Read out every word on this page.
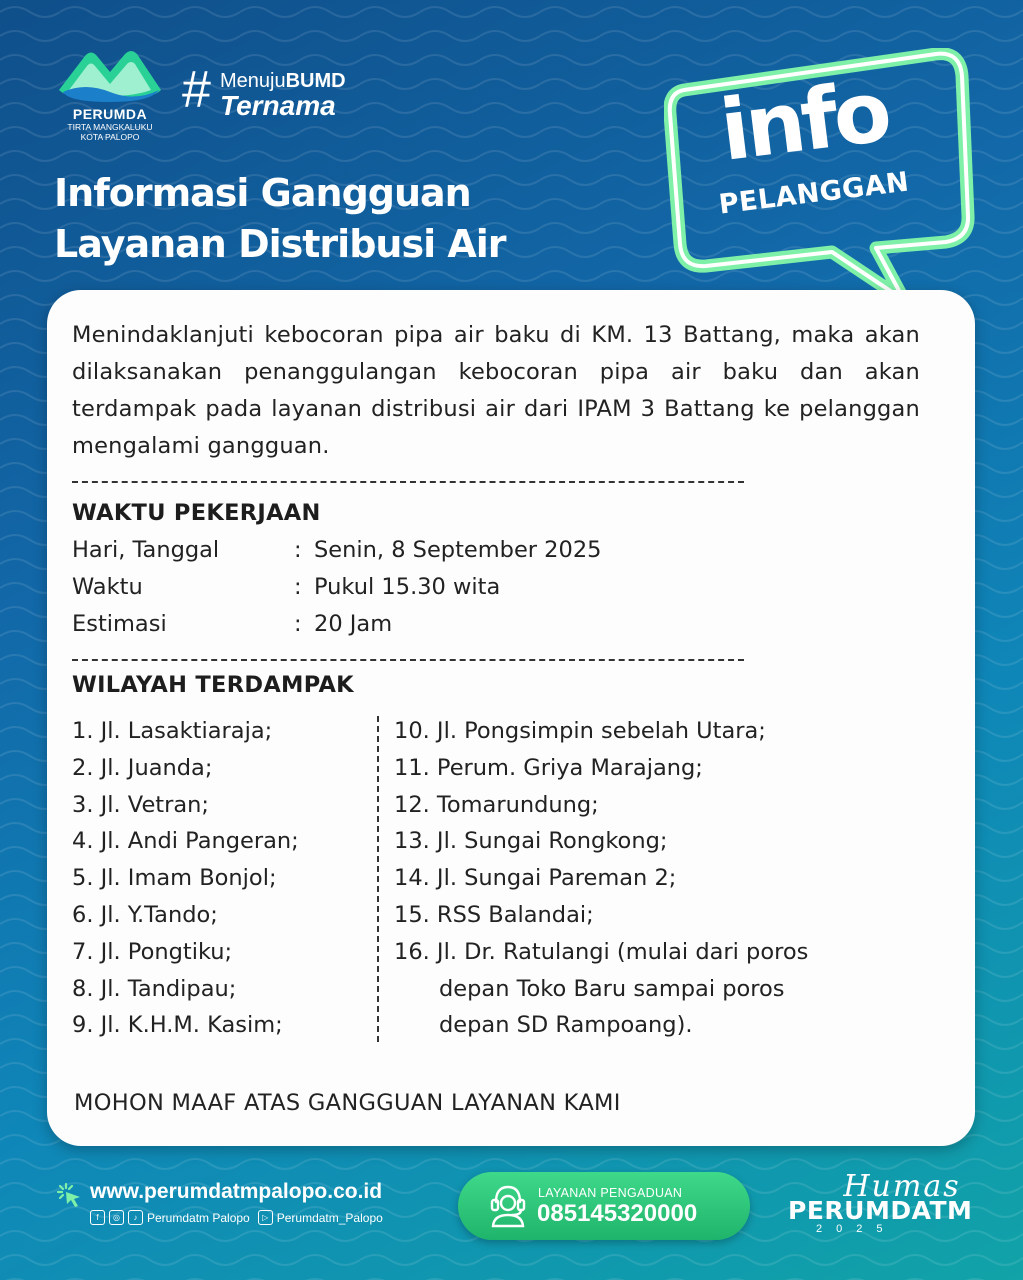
PERUMDA
TIRTA MANGKALUKU
KOTA PALOPO
# MenujuBUMD
Ternama
Informasi Gangguan
Layanan Distribusi Air
info
PELANGGAN
Menindaklanjuti kebocoran pipa air baku di KM. 13 Battang, maka akan dilaksanakan penanggulangan kebocoran pipa air baku dan akan terdampak pada layanan distribusi air dari IPAM 3 Battang ke pelanggan mengalami gangguan.
WAKTU PEKERJAAN
Hari, Tanggal	: Senin, 8 September 2025
Waktu	: Pukul 15.30 wita
Estimasi	: 20 Jam
WILAYAH TERDAMPAK
1. Jl. Lasaktiaraja;
2. Jl. Juanda;
3. Jl. Vetran;
4. Jl. Andi Pangeran;
5. Jl. Imam Bonjol;
6. Jl. Y.Tando;
7. Jl. Pongtiku;
8. Jl. Tandipau;
9. Jl. K.H.M. Kasim;
10. Jl. Pongsimpin sebelah Utara;
11. Perum. Griya Marajang;
12. Tomarundung;
13. Jl. Sungai Rongkong;
14. Jl. Sungai Pareman 2;
15. RSS Balandai;
16. Jl. Dr. Ratulangi (mulai dari poros
depan Toko Baru sampai poros
depan SD Rampoang).
MOHON MAAF ATAS GANGGUAN LAYANAN KAMI
www.perumdatmpalopo.co.id
f	◎	♪ Perumdatm Palopo	▷ Perumdatm_Palopo
LAYANAN PENGADUAN
085145320000
Humas
PERUMDATM
2025
